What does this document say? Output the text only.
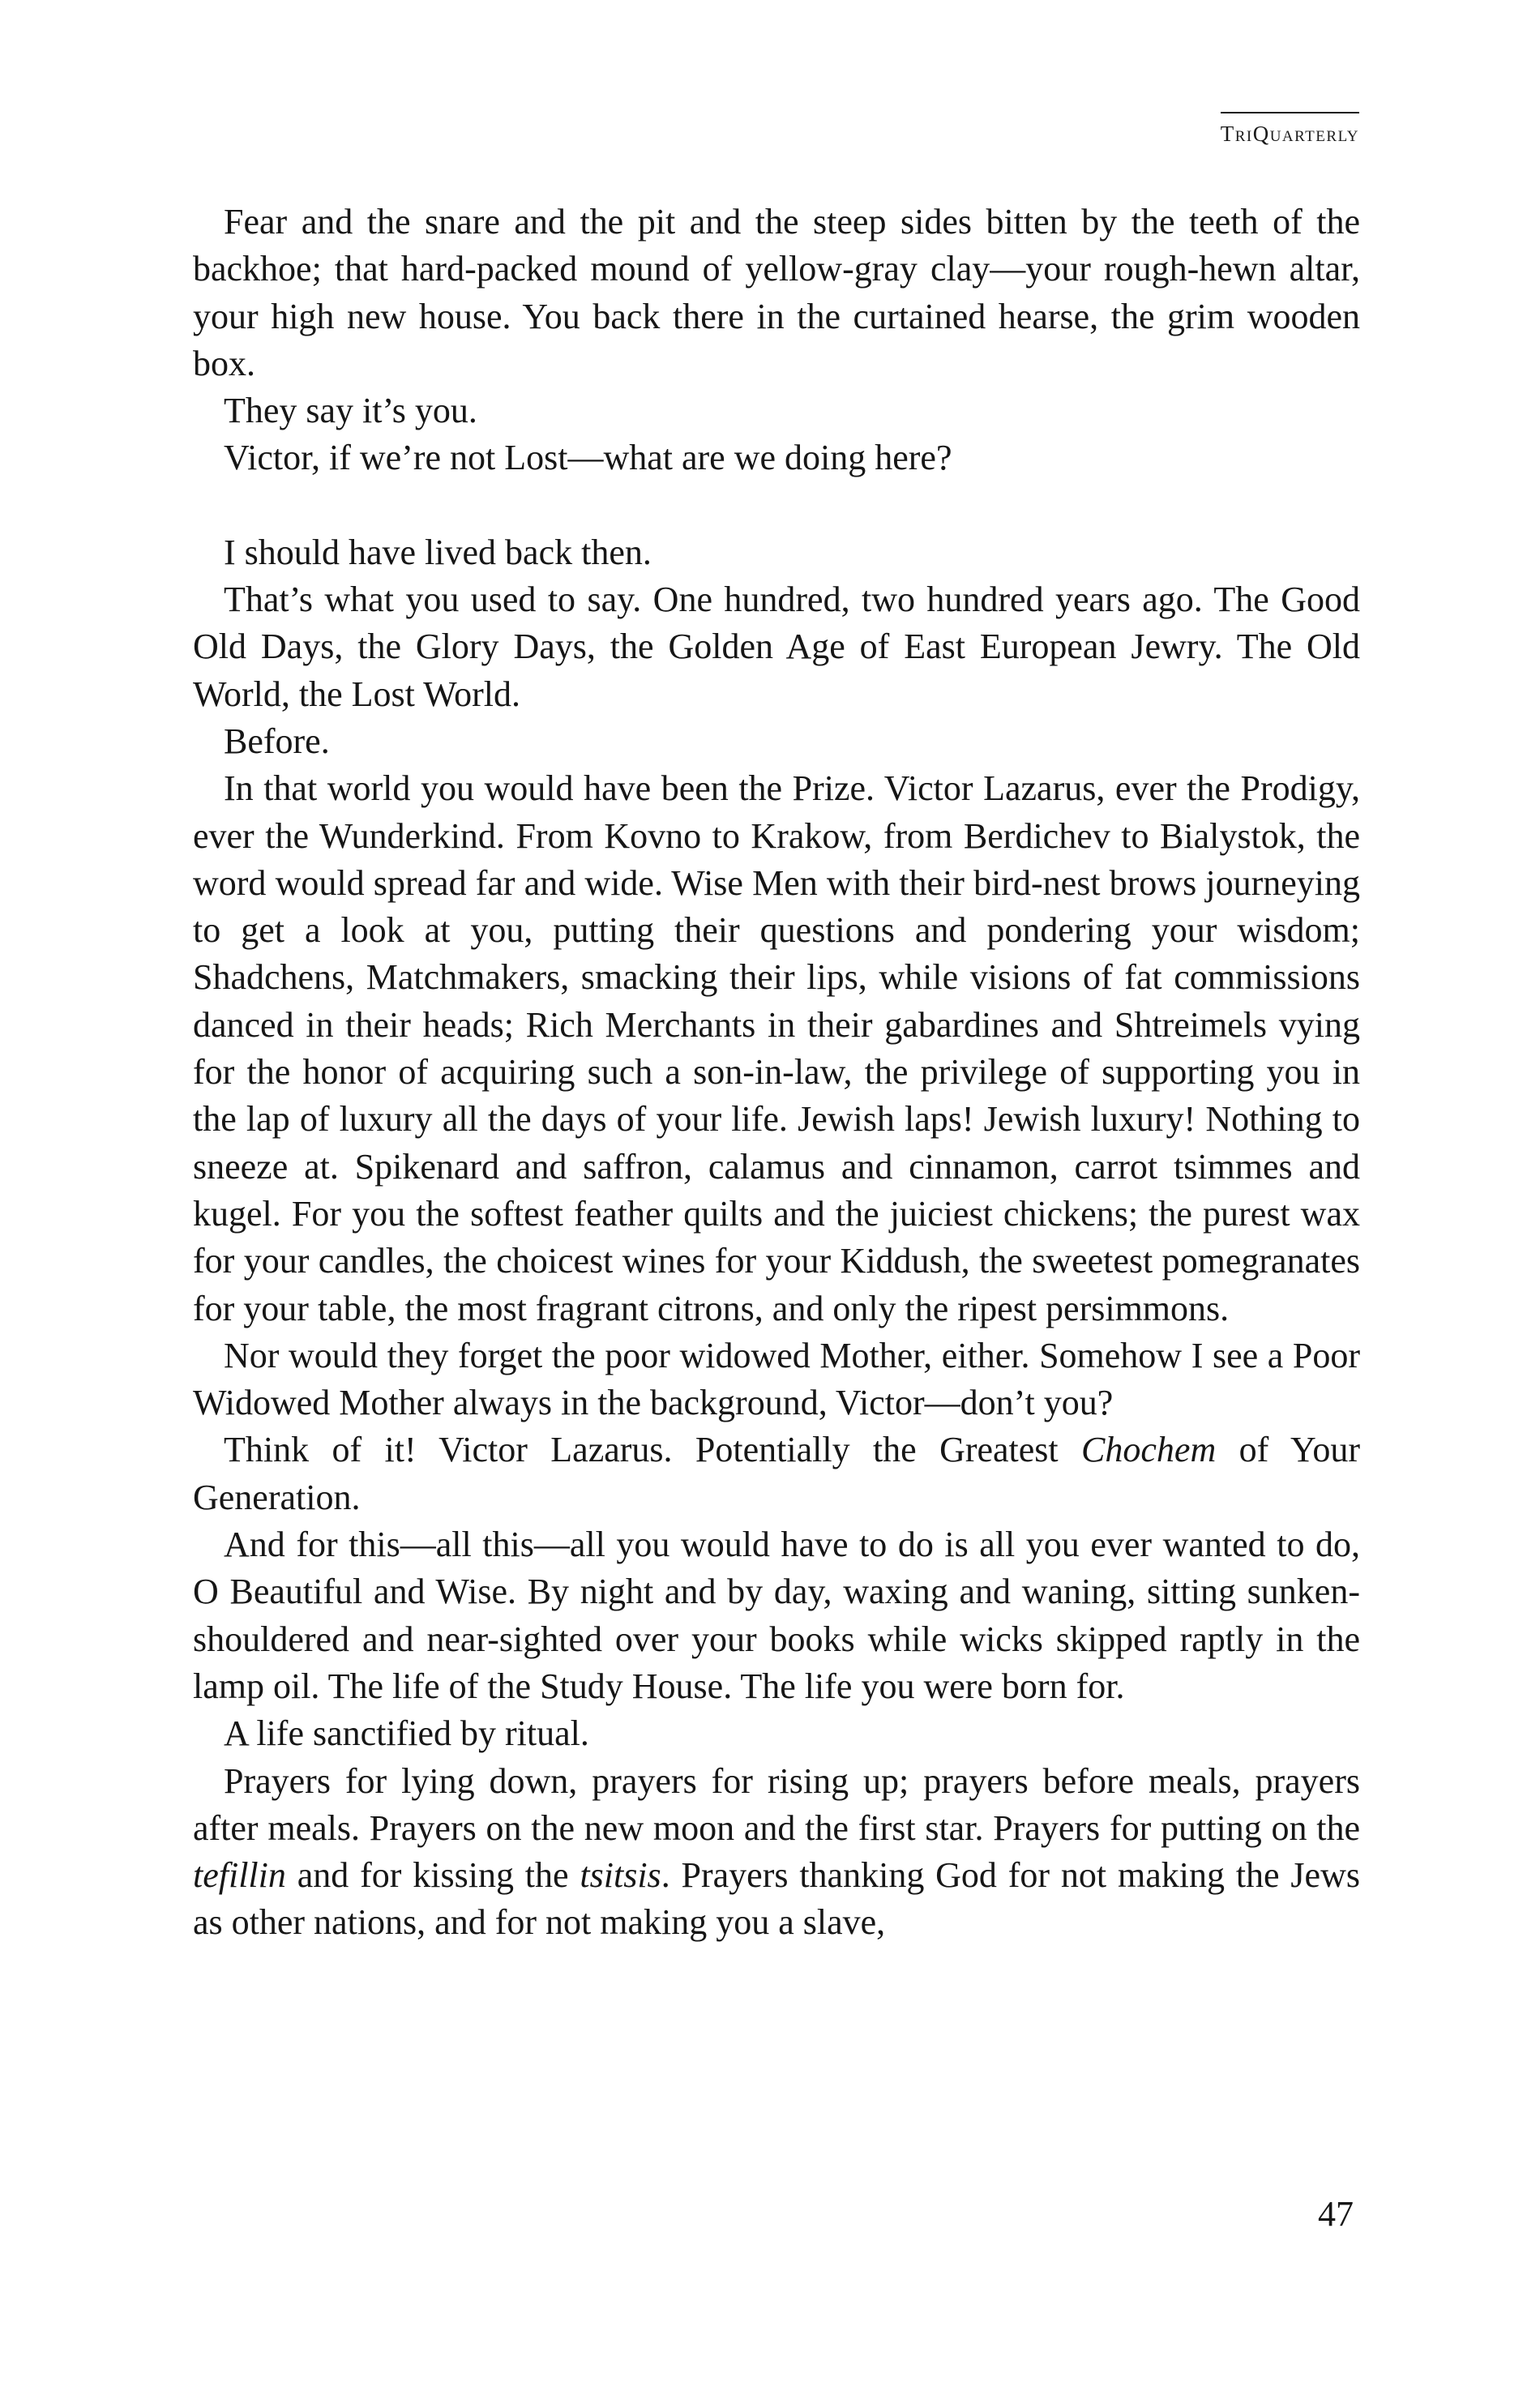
TriQuarterly

Fear and the snare and the pit and the steep sides bitten by the teeth of the backhoe; that hard-packed mound of yellow-gray clay—your rough-hewn altar, your high new house. You back there in the curtained hearse, the grim wooden box.

They say it’s you.

Victor, if we’re not Lost—what are we doing here?

I should have lived back then.

That’s what you used to say. One hundred, two hundred years ago. The Good Old Days, the Glory Days, the Golden Age of East European Jewry. The Old World, the Lost World.

Before.

In that world you would have been the Prize. Victor Lazarus, ever the Prodigy, ever the Wunderkind. From Kovno to Krakow, from Berdichev to Bialystok, the word would spread far and wide. Wise Men with their bird-nest brows journeying to get a look at you, putting their questions and pondering your wisdom; Shadchens, Matchmakers, smacking their lips, while visions of fat commissions danced in their heads; Rich Merchants in their gabardines and Shtreimels vying for the honor of acquiring such a son-in-law, the privilege of supporting you in the lap of luxury all the days of your life. Jewish laps! Jewish luxury! Nothing to sneeze at. Spikenard and saffron, calamus and cinnamon, carrot tsimmes and kugel. For you the softest feather quilts and the juiciest chickens; the purest wax for your candles, the choicest wines for your Kiddush, the sweetest pomegranates for your table, the most fragrant citrons, and only the ripest persimmons.

Nor would they forget the poor widowed Mother, either. Somehow I see a Poor Widowed Mother always in the background, Victor—don’t you?

Think of it! Victor Lazarus. Potentially the Greatest Chochem of Your Generation.

And for this—all this—all you would have to do is all you ever wanted to do, O Beautiful and Wise. By night and by day, waxing and waning, sitting sunken-shouldered and near-sighted over your books while wicks skipped raptly in the lamp oil. The life of the Study House. The life you were born for.

A life sanctified by ritual.

Prayers for lying down, prayers for rising up; prayers before meals, prayers after meals. Prayers on the new moon and the first star. Prayers for putting on the tefillin and for kissing the tsitsis. Prayers thanking God for not making the Jews as other nations, and for not making you a slave,

47
